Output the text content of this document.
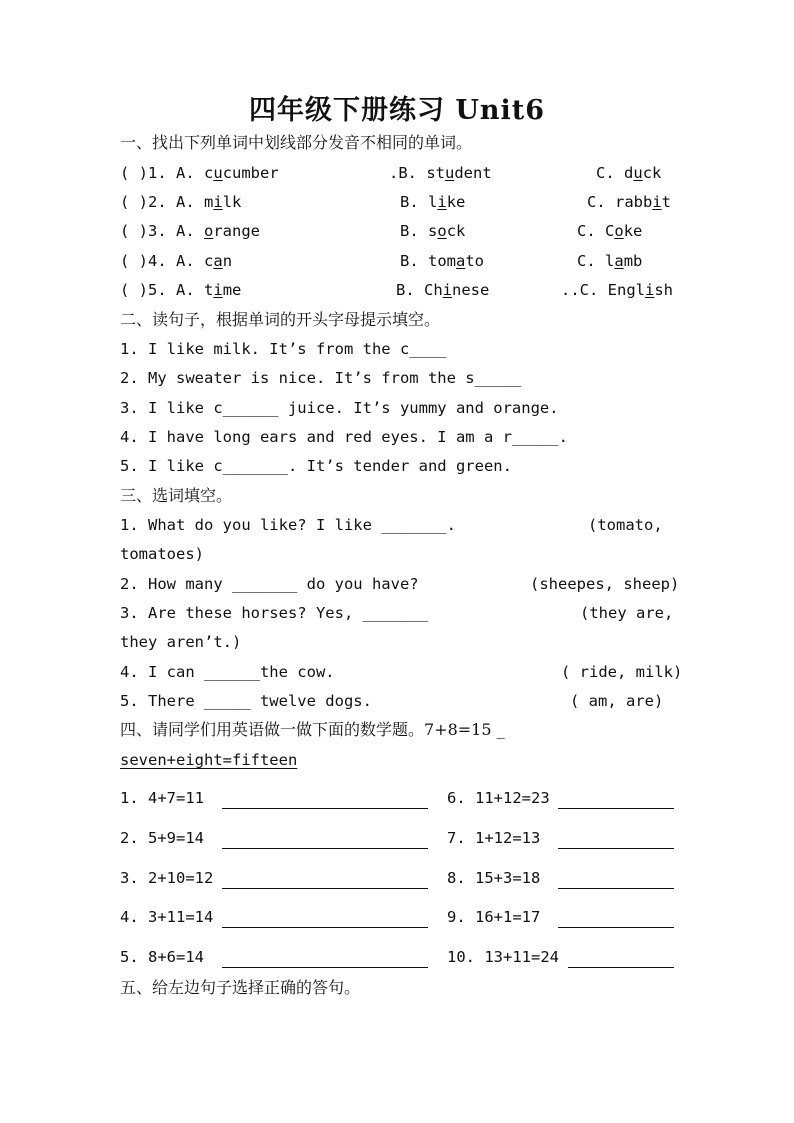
四年级下册练习 Unit6
一、找出下列单词中划线部分发音不相同的单词。
( )1. A. cucumber	.B. student	C. duck
( )2. A. milk	B. like	C. rabbit
( )3. A. orange	B. sock	C. Coke
( )4. A. can	B. tomato	C. lamb
( )5. A. time	B. Chinese	..C. English
二、读句子，根据单词的开头字母提示填空。
1. I like milk. It’s from the c____
2. My sweater is nice. It’s from the s_____
3. I like c______ juice. It’s yummy and orange.
4. I have long ears and red eyes. I am a r_____.
5. I like c_______. It’s tender and green.
三、选词填空。
1. What do you like? I like _______.	(tomato,
tomatoes)
2. How many _______ do you have?	(sheepes, sheep)
3. Are these horses? Yes, _______	(they are,
they aren’t.)
4. I can ______the cow.	( ride, milk)
5. There _____ twelve dogs.	( am, are)
四、请同学们用英语做一做下面的数学题。7+8=15 _
seven+eight=fifteen
1. 4+7=11
2. 5+9=14
3. 2+10=12
4. 3+11=14
5. 8+6=14
6. 11+12=23
7. 1+12=13
8. 15+3=18
9. 16+1=17
10. 13+11=24
五、给左边句子选择正确的答句。
